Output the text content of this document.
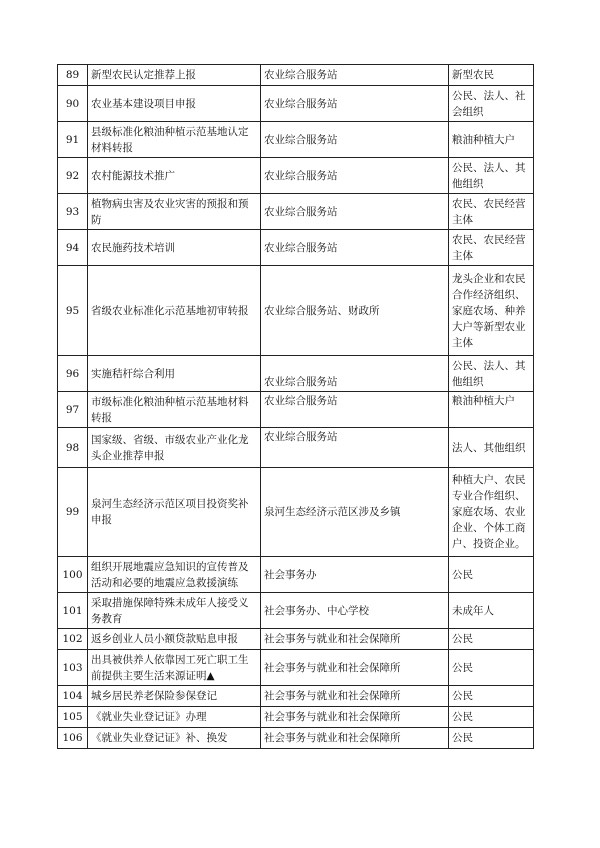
89	新型农民认定推荐上报	农业综合服务站	新型农民
90	农业基本建设项目申报	农业综合服务站	公民、法人、社会组织
91	县级标准化粮油种植示范基地认定材料转报	农业综合服务站	粮油种植大户
92	农村能源技术推广	农业综合服务站	公民、法人、其他组织
93	植物病虫害及农业灾害的预报和预防	农业综合服务站	农民、农民经营主体
94	农民施药技术培训	农业综合服务站	农民、农民经营主体
95	省级农业标准化示范基地初审转报	农业综合服务站、财政所	龙头企业和农民合作经济组织、家庭农场、种养大户等新型农业主体
96	实施秸杆综合利用	农业综合服务站	公民、法人、其他组织
97	市级标准化粮油种植示范基地材料转报	农业综合服务站	粮油种植大户
98	国家级、省级、市级农业产业化龙头企业推荐申报	农业综合服务站	法人、其他组织
99	泉河生态经济示范区项目投资奖补申报	泉河生态经济示范区涉及乡镇	种植大户、农民专业合作组织、家庭农场、农业企业、个体工商户、投资企业。
100	组织开展地震应急知识的宣传普及活动和必要的地震应急救援演练	社会事务办	公民
101	采取措施保障特殊未成年人接受义务教育	社会事务办、中心学校	未成年人
102	返乡创业人员小额贷款贴息申报	社会事务与就业和社会保障所	公民
103	出具被供养人依靠因工死亡职工生前提供主要生活来源证明▲	社会事务与就业和社会保障所	公民
104	城乡居民养老保险参保登记	社会事务与就业和社会保障所	公民
105	《就业失业登记证》办理	社会事务与就业和社会保障所	公民
106	《就业失业登记证》补、换发	社会事务与就业和社会保障所	公民
